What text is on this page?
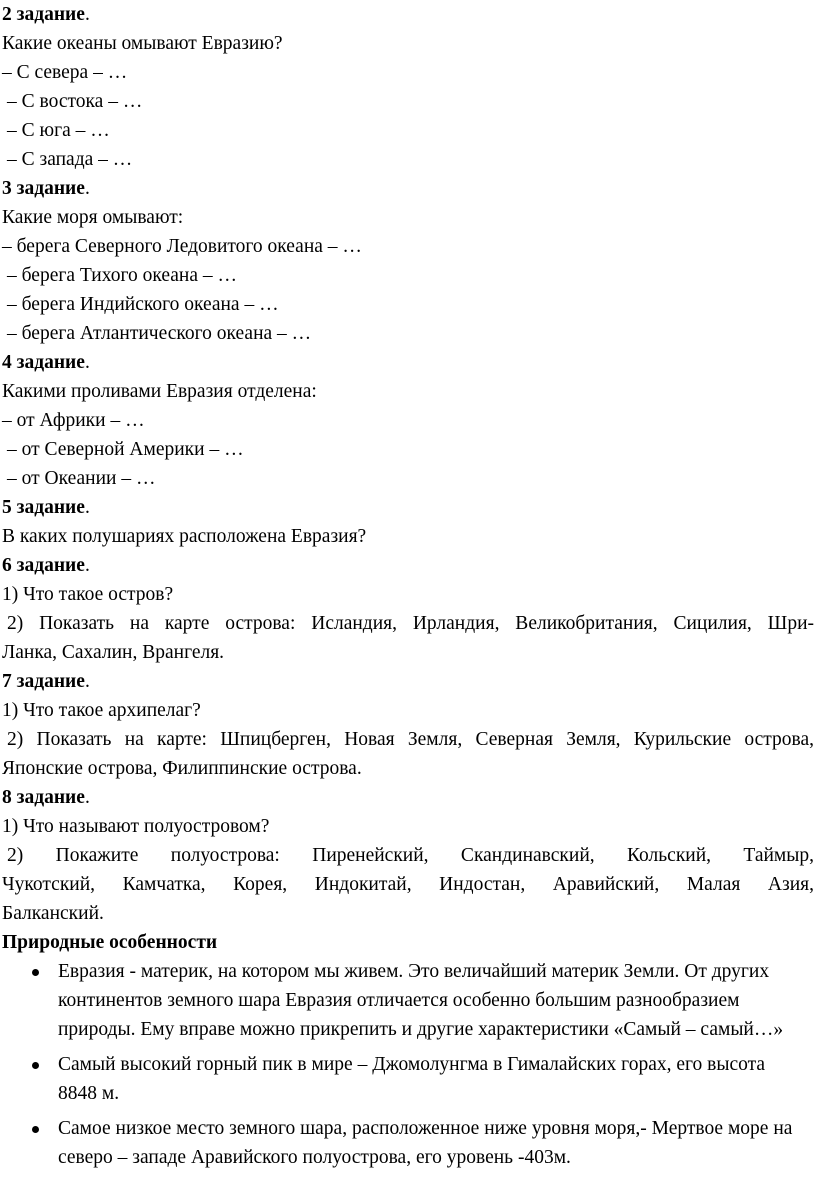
2 задание.
Какие океаны омывают Евразию?
– С севера – …
– С востока – …
– С юга – …
– С запада – …
3 задание.
Какие моря омывают:
– берега Северного Ледовитого океана – …
– берега Тихого океана – …
– берега Индийского океана – …
– берега Атлантического океана – …
4 задание.
Какими проливами Евразия отделена:
– от Африки – …
– от Северной Америки – …
– от Океании – …
5 задание.
В каких полушариях расположена Евразия?
6 задание.
1) Что такое остров?
2) Показать на карте острова: Исландия, Ирландия, Великобритания, Сицилия, Шри-
Ланка, Сахалин, Врангеля.
7 задание.
1) Что такое архипелаг?
2) Показать на карте: Шпицберген, Новая Земля, Северная Земля, Курильские острова,
Японские острова, Филиппинские острова.
8 задание.
1) Что называют полуостровом?
2) Покажите полуострова: Пиренейский, Скандинавский, Кольский, Таймыр,
Чукотский, Камчатка, Корея, Индокитай, Индостан, Аравийский, Малая Азия,
Балканский.
Природные особенности
Евразия - материк, на котором мы живем. Это величайший материк Земли. От других континентов земного шара Евразия отличается особенно большим разнообразием природы. Ему вправе можно прикрепить и другие характеристики «Самый – самый…»
Самый высокий горный пик в мире – Джомолунгма в Гималайских горах, его высота 8848 м.
Самое низкое место земного шара, расположенное ниже уровня моря,- Мертвое море на северо – западе Аравийского полуострова, его уровень -403м.
